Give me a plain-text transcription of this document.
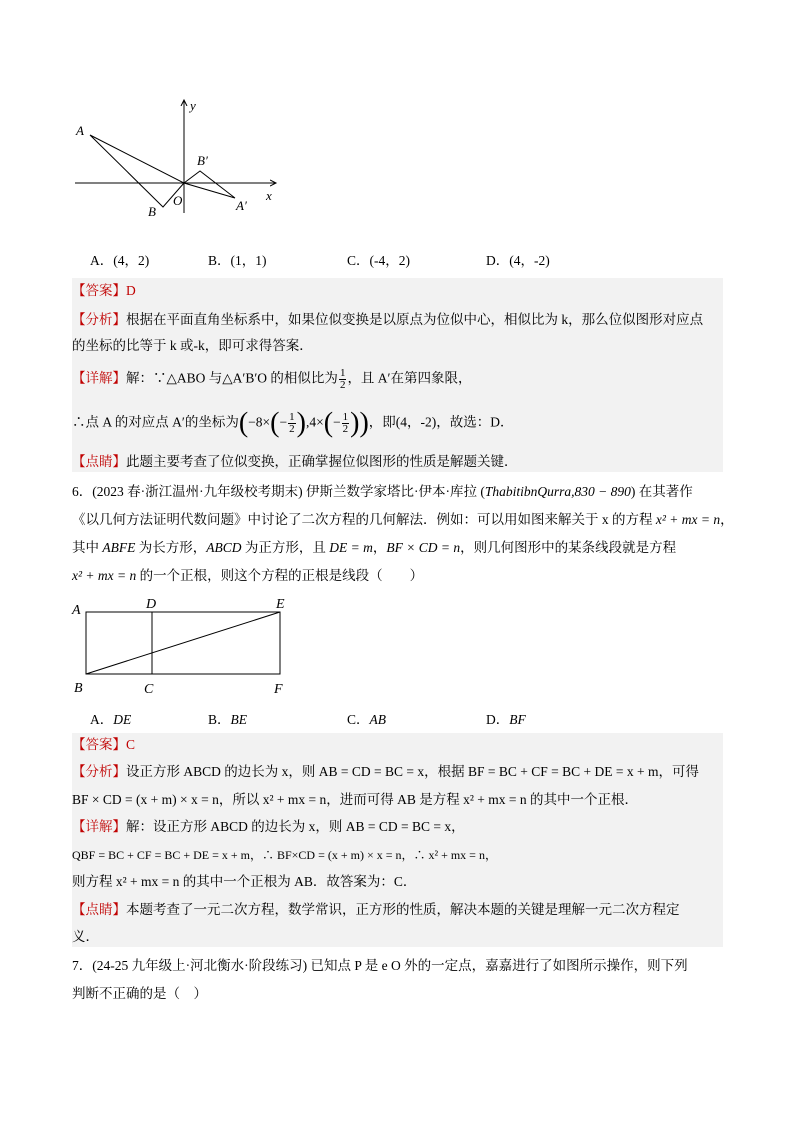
y
x
A
B
O
B′
A′
A．(4，2)	B．(1，1)	C．(-4，2)	D．(4，-2)
【答案】D
【分析】根据在平面直角坐标系中，如果位似变换是以原点为位似中心，相似比为 k，那么位似图形对应点
的坐标的比等于 k 或-k，即可求得答案．
【详解】解：∵△ABO 与△A′B′O 的相似比为 $\frac{1}{2}$ ，且 A′在第四象限，
∴点 A 的对应点 A′的坐标为($-8\times(- \frac{1}{2} ),4\times(- \frac{1}{2}$ ))，即(4，-2)，故选：D．
【点睛】此题主要考查了位似变换，正确掌握位似图形的性质是解题关键．
6．(2023 春·浙江温州·九年级校考期末) 伊斯兰数学家塔比·伊本·库拉 (ThabitibnQurra,830 − 890) 在其著作
《以几何方法证明代数问题》中讨论了二次方程的几何解法．例如：可以用如图来解关于 x 的方程 x² + mx = n，
其中 ABFE 为长方形，ABCD 为正方形，且 DE = m，BF × CD = n，则几何图形中的某条线段就是方程
x² + mx = n 的一个正根，则这个方程的正根是线段（　　）
A	D	E
B	C	F
A．DE	B．BE	C．AB	D．BF
【答案】C
【分析】设正方形 ABCD 的边长为 x，则 AB = CD = BC = x，根据 BF = BC + CF = BC + DE = x + m，可得
BF × CD = (x + m) × x = n，所以 x² + mx = n，进而可得 AB 是方程 x² + mx = n 的其中一个正根．
【详解】解：设正方形 ABCD 的边长为 x，则 AB = CD = BC = x，
QBF = BC + CF = BC + DE = x + m，∴ BF×CD = (x + m) × x = n，∴ x² + mx = n，
则方程 x² + mx = n 的其中一个正根为 AB．故答案为：C．
【点睛】本题考查了一元二次方程，数学常识，正方形的性质，解决本题的关键是理解一元二次方程定
义．
7．(24-25 九年级上·河北衡水·阶段练习) 已知点 P 是 e O 外的一定点，嘉嘉进行了如图所示操作，则下列
判断不正确的是（　）
